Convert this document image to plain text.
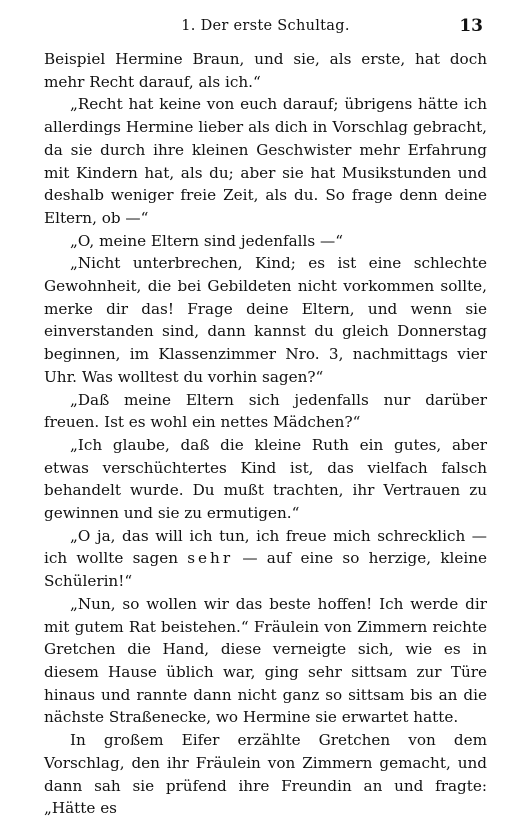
1. Der erste Schultag.	13

Beispiel Hermine Braun, und sie, als erste, hat doch mehr Recht darauf, als ich.“

„Recht hat keine von euch darauf; übrigens hätte ich allerdings Hermine lieber als dich in Vorschlag gebracht, da sie durch ihre kleinen Geschwister mehr Erfahrung mit Kindern hat, als du; aber sie hat Musikstunden und deshalb weniger freie Zeit, als du. So frage denn deine Eltern, ob —“

„O, meine Eltern sind jedenfalls —“

„Nicht unterbrechen, Kind; es ist eine schlechte Gewohnheit, die bei Gebildeten nicht vorkommen sollte, merke dir das! Frage deine Eltern, und wenn sie einverstanden sind, dann kannst du gleich Donnerstag beginnen, im Klassenzimmer Nro. 3, nachmittags vier Uhr. Was wolltest du vorhin sagen?“

„Daß meine Eltern sich jedenfalls nur darüber freuen. Ist es wohl ein nettes Mädchen?“

„Ich glaube, daß die kleine Ruth ein gutes, aber etwas verschüchtertes Kind ist, das vielfach falsch behandelt wurde. Du mußt trachten, ihr Vertrauen zu gewinnen und sie zu ermutigen.“

„O ja, das will ich tun, ich freue mich schrecklich — ich wollte sagen sehr — auf eine so herzige, kleine Schülerin!“

„Nun, so wollen wir das beste hoffen! Ich werde dir mit gutem Rat beistehen.“ Fräulein von Zimmern reichte Gretchen die Hand, diese verneigte sich, wie es in diesem Hause üblich war, ging sehr sittsam zur Türe hinaus und rannte dann nicht ganz so sittsam bis an die nächste Straßenecke, wo Hermine sie erwartet hatte.

In großem Eifer erzählte Gretchen von dem Vorschlag, den ihr Fräulein von Zimmern gemacht, und dann sah sie prüfend ihre Freundin an und fragte: „Hätte es
